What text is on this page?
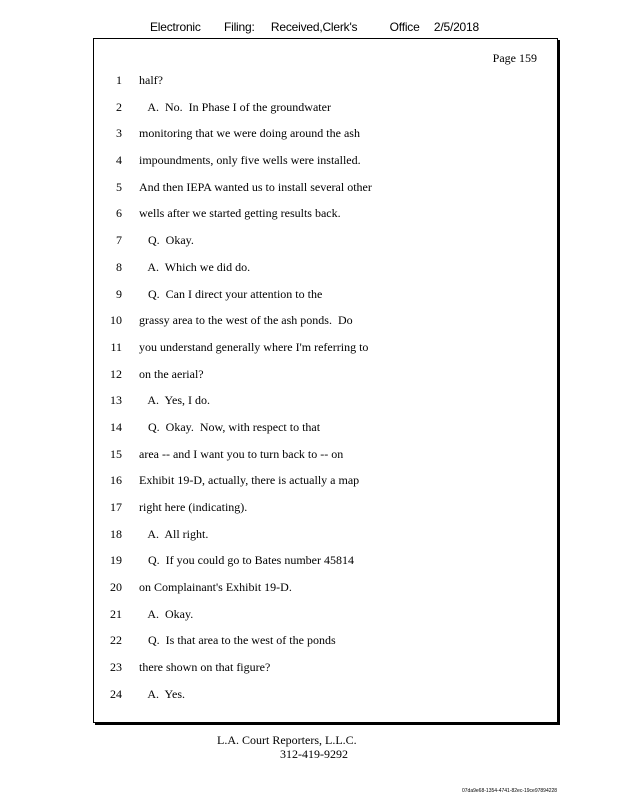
Electronic Filing: Received,Clerk's	Office 2/5/2018
Page 159
1 half?
2 A.  No.  In Phase I of the groundwater
3 monitoring that we were doing around the ash
4 impoundments, only five wells were installed.
5 And then IEPA wanted us to install several other
6 wells after we started getting results back.
7 Q.  Okay.
8 A.  Which we did do.
9 Q.  Can I direct your attention to the
10 grassy area to the west of the ash ponds.  Do
11 you understand generally where I'm referring to
12 on the aerial?
13 A.  Yes, I do.
14 Q.  Okay.  Now, with respect to that
15 area -- and I want you to turn back to -- on
16 Exhibit 19-D, actually, there is actually a map
17 right here (indicating).
18 A.  All right.
19 Q.  If you could go to Bates number 45814
20 on Complainant's Exhibit 19-D.
21 A.  Okay.
22 Q.  Is that area to the west of the ponds
23 there shown on that figure?
24 A.  Yes.
L.A. Court Reporters, L.L.C.
312-419-9292
07da9e68-1354-4741-82ec-19ce97894228
